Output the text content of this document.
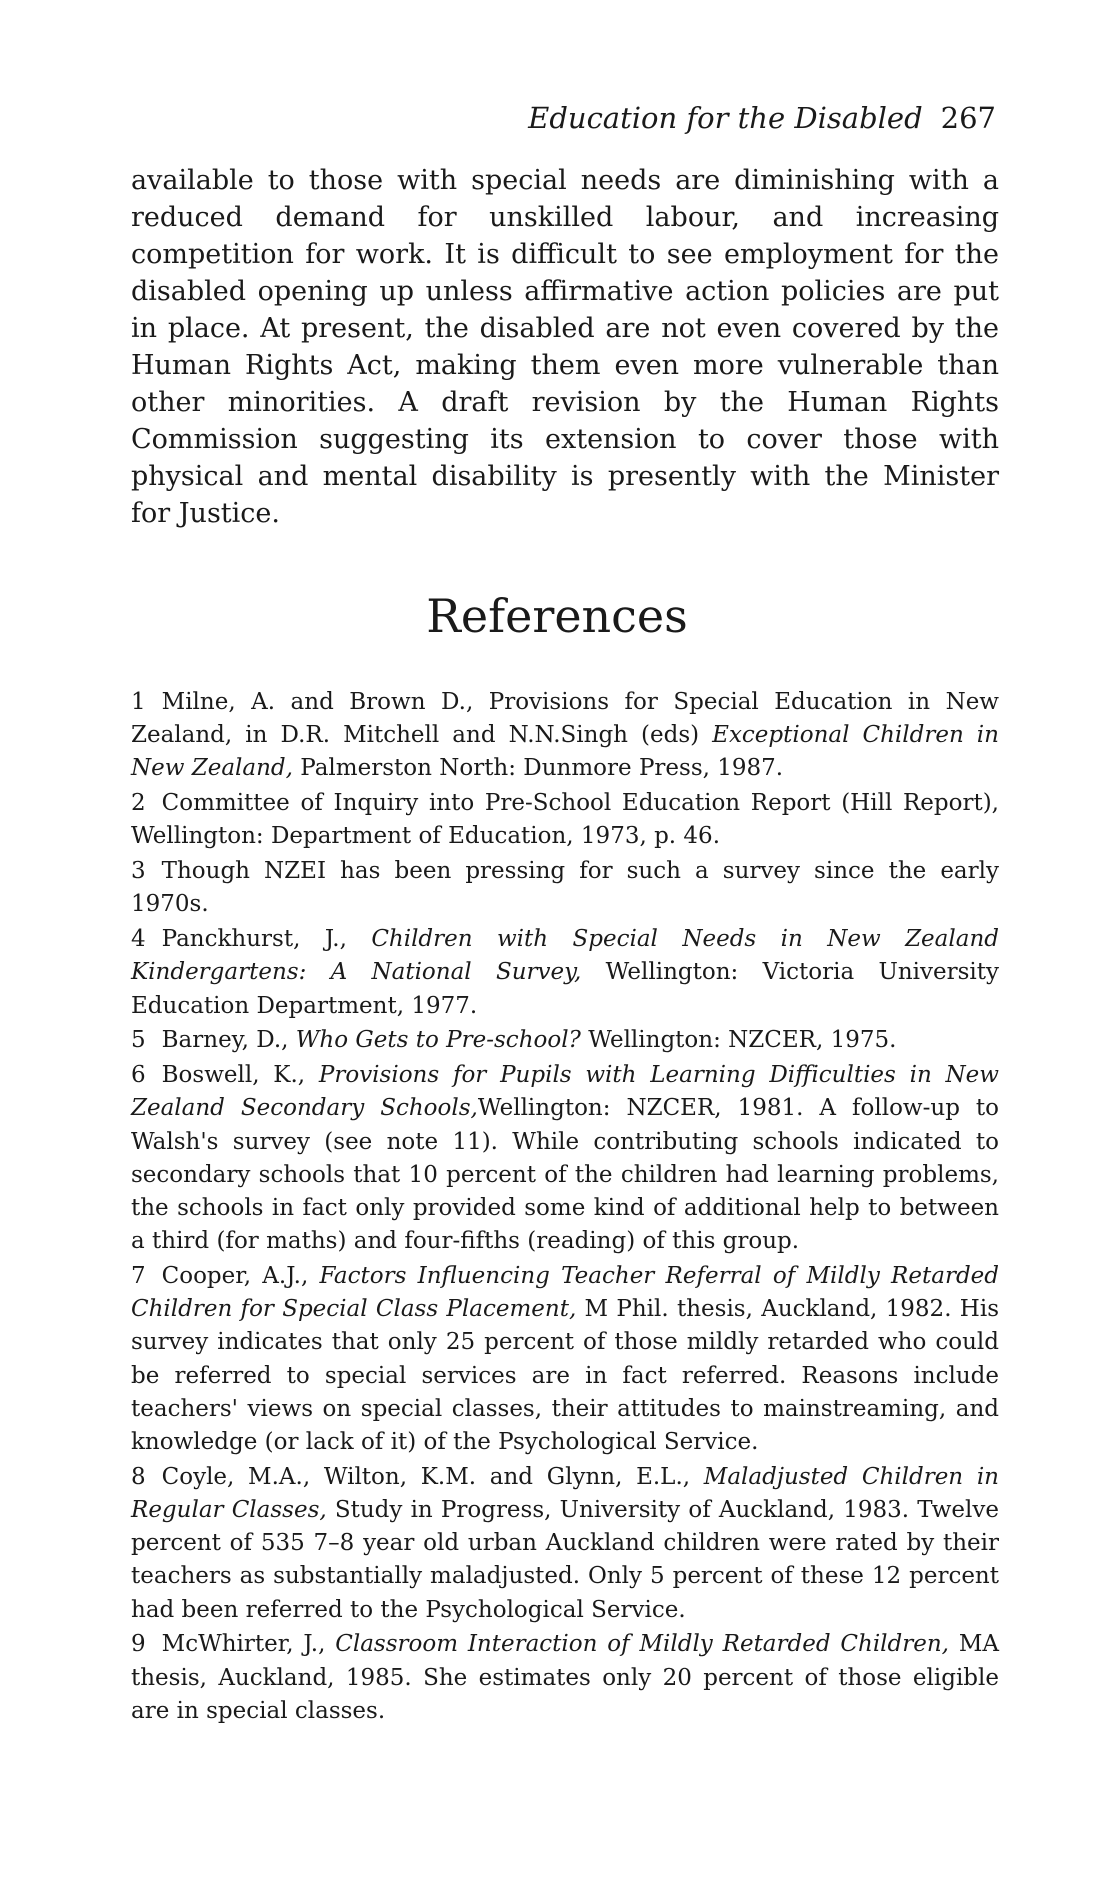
Education for the Disabled 267

available to those with special needs are diminishing with a reduced demand for unskilled labour, and increasing competition for work. It is difficult to see employment for the disabled opening up unless affirmative action policies are put in place. At present, the disabled are not even covered by the Human Rights Act, making them even more vulnerable than other minorities. A draft revision by the Human Rights Commission suggesting its extension to cover those with physical and mental disability is presently with the Minister for Justice.

References

1 Milne, A. and Brown D., Provisions for Special Education in New Zealand, in D.R. Mitchell and N.N.Singh (eds) Exceptional Children in New Zealand, Palmerston North: Dunmore Press, 1987.

2 Committee of Inquiry into Pre-School Education Report (Hill Report), Wellington: Department of Education, 1973, p. 46.

3 Though NZEI has been pressing for such a survey since the early 1970s.

4 Panckhurst, J., Children with Special Needs in New Zealand Kindergartens: A National Survey, Wellington: Victoria University Education Department, 1977.

5 Barney, D., Who Gets to Pre-school? Wellington: NZCER, 1975.

6 Boswell, K., Provisions for Pupils with Learning Difficulties in New Zealand Secondary Schools,Wellington: NZCER, 1981. A follow-up to Walsh's survey (see note 11). While contributing schools indicated to secondary schools that 10 percent of the children had learning problems, the schools in fact only provided some kind of additional help to between a third (for maths) and four-fifths (reading) of this group.

7 Cooper, A.J., Factors Influencing Teacher Referral of Mildly Retarded Children for Special Class Placement, M Phil. thesis, Auckland, 1982. His survey indicates that only 25 percent of those mildly retarded who could be referred to special services are in fact referred. Reasons include teachers' views on special classes, their attitudes to mainstreaming, and knowledge (or lack of it) of the Psychological Service.

8 Coyle, M.A., Wilton, K.M. and Glynn, E.L., Maladjusted Children in Regular Classes, Study in Progress, University of Auckland, 1983. Twelve percent of 535 7–8 year old urban Auckland children were rated by their teachers as substantially maladjusted. Only 5 percent of these 12 percent had been referred to the Psychological Service.

9 McWhirter, J., Classroom Interaction of Mildly Retarded Children, MA thesis, Auckland, 1985. She estimates only 20 percent of those eligible are in special classes.
